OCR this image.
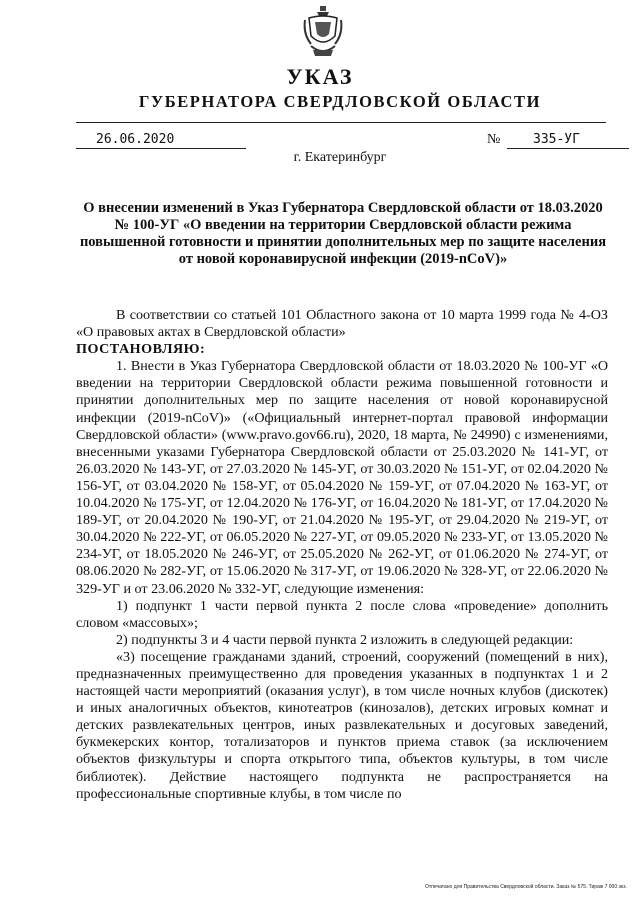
УКАЗ
ГУБЕРНАТОРА СВЕРДЛОВСКОЙ ОБЛАСТИ
26.06.2020	№	335-УГ
г. Екатеринбург
О внесении изменений в Указ Губернатора Свердловской области от 18.03.2020 № 100-УГ «О введении на территории Свердловской области режима повышенной готовности и принятии дополнительных мер по защите населения от новой коронавирусной инфекции (2019-nCoV)»

В соответствии со статьей 101 Областного закона от 10 марта 1999 года № 4-ОЗ «О правовых актах в Свердловской области»

ПОСТАНОВЛЯЮ:

1. Внести в Указ Губернатора Свердловской области от 18.03.2020 № 100-УГ «О введении на территории Свердловской области режима повышенной готовности и принятии дополнительных мер по защите населения от новой коронавирусной инфекции (2019-nCoV)» («Официальный интернет-портал правовой информации Свердловской области» (www.pravo.gov66.ru), 2020, 18 марта, № 24990) с изменениями, внесенными указами Губернатора Свердловской области от 25.03.2020 № 141-УГ, от 26.03.2020 № 143-УГ, от 27.03.2020 № 145-УГ, от 30.03.2020 № 151-УГ, от 02.04.2020 № 156-УГ, от 03.04.2020 № 158-УГ, от 05.04.2020 № 159-УГ, от 07.04.2020 № 163-УГ, от 10.04.2020 № 175-УГ, от 12.04.2020 № 176-УГ, от 16.04.2020 № 181-УГ, от 17.04.2020 № 189-УГ, от 20.04.2020 № 190-УГ, от 21.04.2020 № 195-УГ, от 29.04.2020 № 219-УГ, от 30.04.2020 № 222-УГ, от 06.05.2020 № 227-УГ, от 09.05.2020 № 233-УГ, от 13.05.2020 № 234-УГ, от 18.05.2020 № 246-УГ, от 25.05.2020 № 262-УГ, от 01.06.2020 № 274-УГ, от 08.06.2020 № 282-УГ, от 15.06.2020 № 317-УГ, от 19.06.2020 № 328-УГ, от 22.06.2020 № 329-УГ и от 23.06.2020 № 332-УГ, следующие изменения:

1) подпункт 1 части первой пункта 2 после слова «проведение» дополнить словом «массовых»;

2) подпункты 3 и 4 части первой пункта 2 изложить в следующей редакции:

«3) посещение гражданами зданий, строений, сооружений (помещений в них), предназначенных преимущественно для проведения указанных в подпунктах 1 и 2 настоящей части мероприятий (оказания услуг), в том числе ночных клубов (дискотек) и иных аналогичных объектов, кинотеатров (кинозалов), детских игровых комнат и детских развлекательных центров, иных развлекательных и досуговых заведений, букмекерских контор, тотализаторов и пунктов приема ставок (за исключением объектов физкультуры и спорта открытого типа, объектов культуры, в том числе библиотек). Действие настоящего подпункта не распространяется на профессиональные спортивные клубы, в том числе по

Отпечатано для Правительства Свердловской области. Заказ № 575. Тираж 7 000 экз.
